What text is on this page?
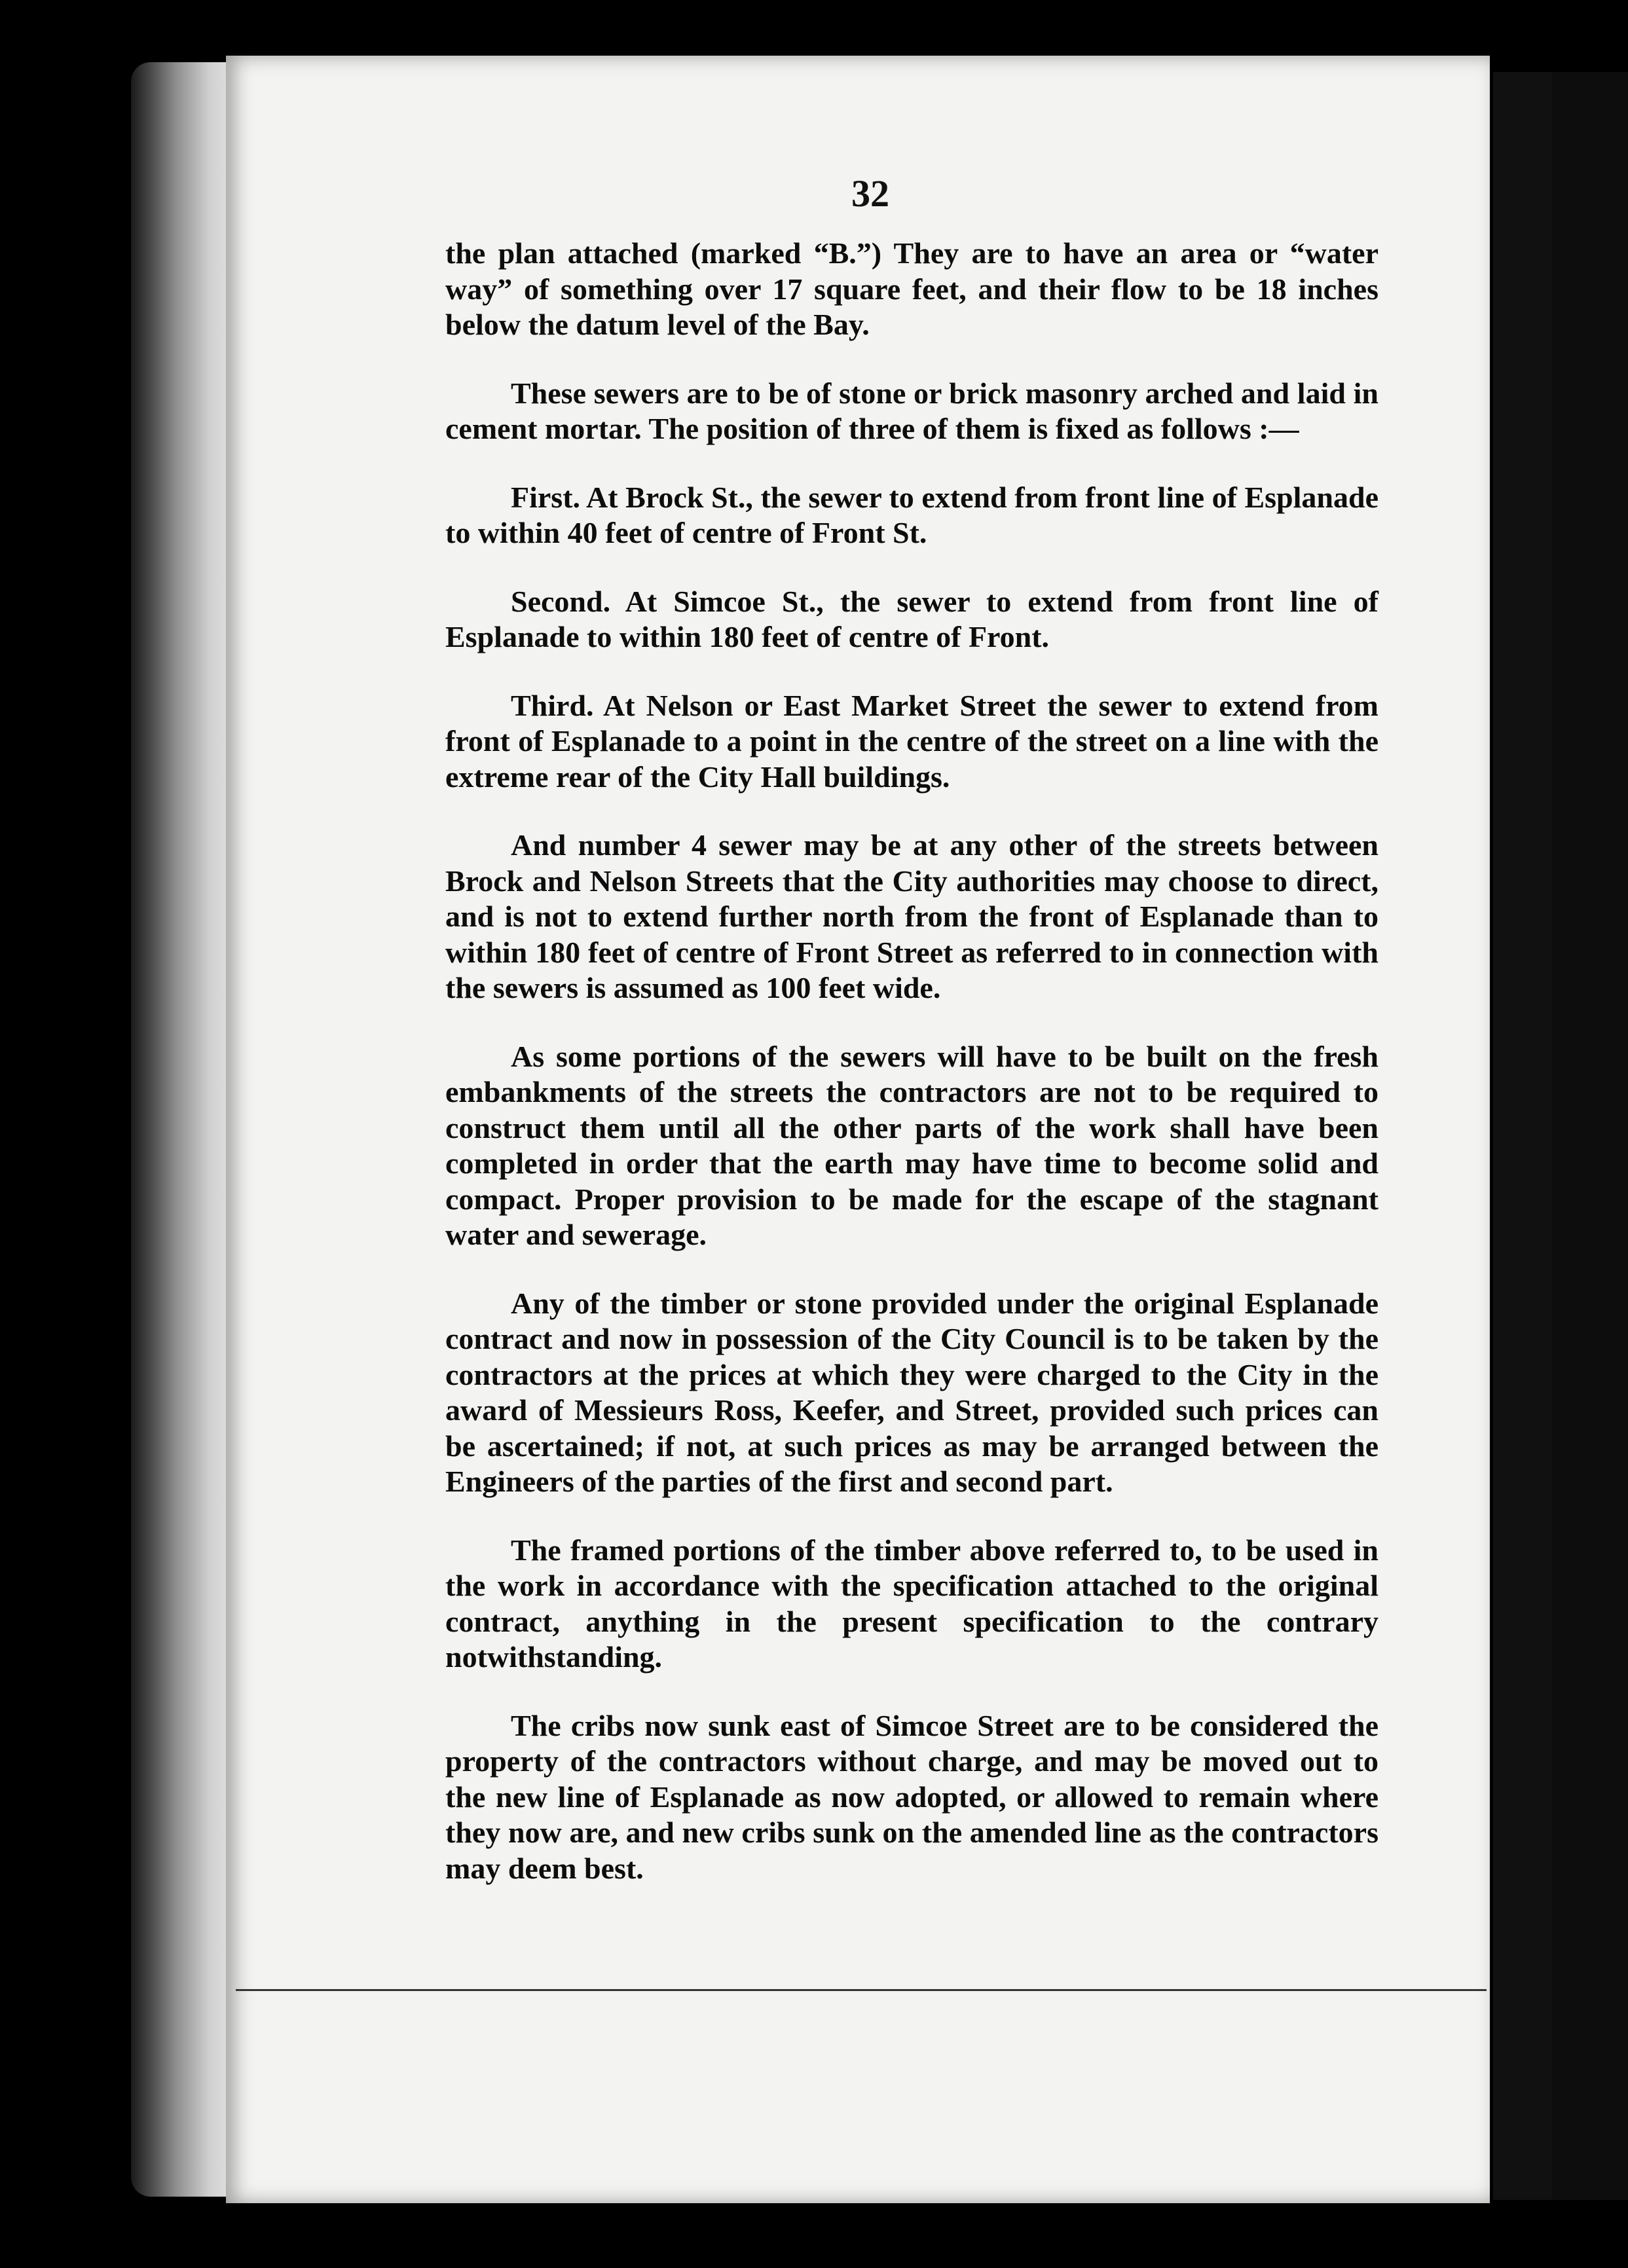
32

the plan attached (marked “B.”) They are to have an area or “water way” of something over 17 square feet, and their flow to be 18 inches below the datum level of the Bay.

These sewers are to be of stone or brick masonry arched and laid in cement mortar. The position of three of them is fixed as follows :—

First. At Brock St., the sewer to extend from front line of Esplanade to within 40 feet of centre of Front St.

Second. At Simcoe St., the sewer to extend from front line of Esplanade to within 180 feet of centre of Front.

Third. At Nelson or East Market Street the sewer to extend from front of Esplanade to a point in the centre of the street on a line with the extreme rear of the City Hall buildings.

And number 4 sewer may be at any other of the streets between Brock and Nelson Streets that the City authorities may choose to direct, and is not to extend further north from the front of Esplanade than to within 180 feet of centre of Front Street as referred to in connection with the sewers is assumed as 100 feet wide.

As some portions of the sewers will have to be built on the fresh embankments of the streets the contractors are not to be required to construct them until all the other parts of the work shall have been completed in order that the earth may have time to become solid and compact. Proper provision to be made for the escape of the stagnant water and sewerage.

Any of the timber or stone provided under the original Esplanade contract and now in possession of the City Council is to be taken by the contractors at the prices at which they were charged to the City in the award of Messieurs Ross, Keefer, and Street, provided such prices can be ascertained; if not, at such prices as may be arranged between the Engineers of the parties of the first and second part.

The framed portions of the timber above referred to, to be used in the work in accordance with the specification attached to the original contract, anything in the present specification to the contrary notwithstanding.

The cribs now sunk east of Simcoe Street are to be considered the property of the contractors without charge, and may be moved out to the new line of Esplanade as now adopted, or allowed to remain where they now are, and new cribs sunk on the amended line as the contractors may deem best.
